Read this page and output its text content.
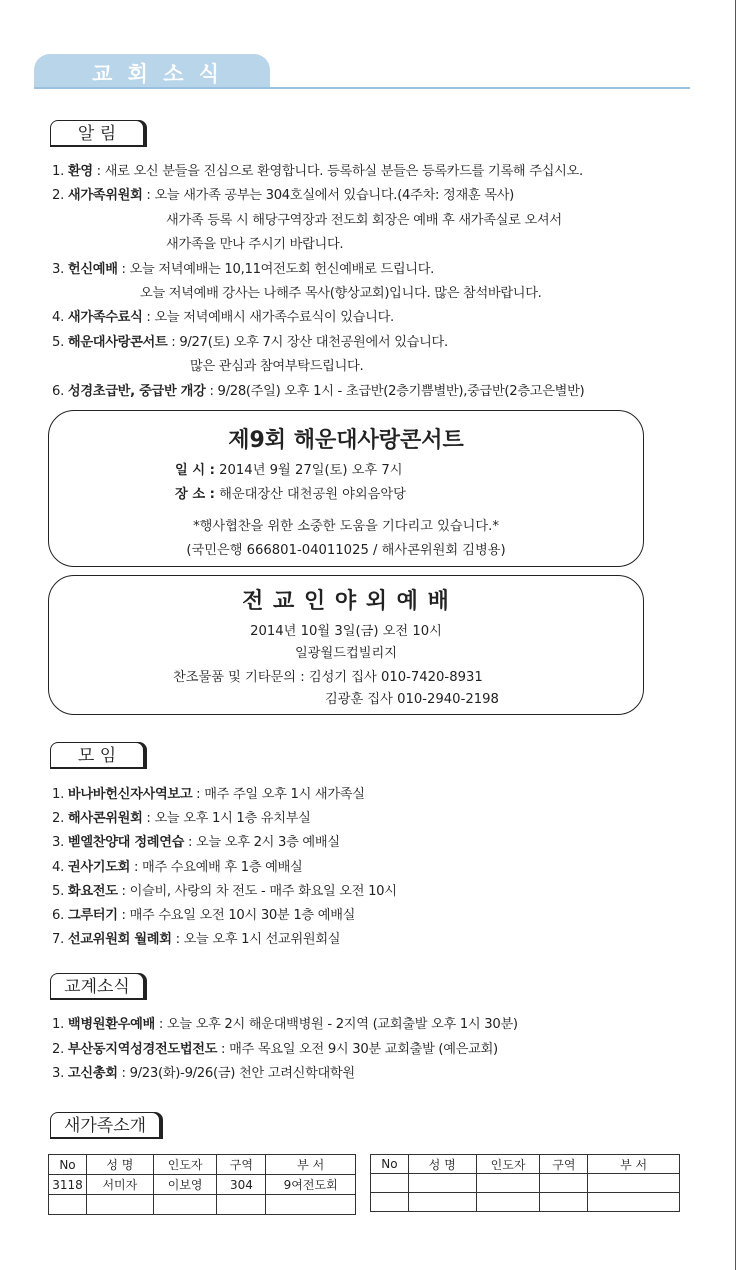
교 회 소 식
알 림
1. 환영 : 새로 오신 분들을 진심으로 환영합니다. 등록하실 분들은 등록카드를 기록해 주십시오.
2. 새가족위원회 : 오늘 새가족 공부는 304호실에서 있습니다.(4주차: 정재훈 목사)
새가족 등록 시 해당구역장과 전도회 회장은 예배 후 새가족실로 오셔서
새가족을 만나 주시기 바랍니다.
3. 헌신예배 : 오늘 저녁예배는 10,11여전도회 헌신예배로 드립니다.
오늘 저녁예배 강사는 나해주 목사(향상교회)입니다. 많은 참석바랍니다.
4. 새가족수료식 : 오늘 저녁예배시 새가족수료식이 있습니다.
5. 해운대사랑콘서트 : 9/27(토) 오후 7시 장산 대천공원에서 있습니다.
많은 관심과 참여부탁드립니다.
6. 성경초급반, 중급반 개강 : 9/28(주일) 오후 1시 - 초급반(2층기쁨별반),중급반(2층고은별반)
제9회 해운대사랑콘서트
일 시 : 2014년 9월 27일(토) 오후 7시
장 소 : 해운대장산 대천공원 야외음악당
*행사협찬을 위한 소중한 도움을 기다리고 있습니다.*
(국민은행 666801-04011025 / 해사콘위원회 김병용)
전 교 인 야 외 예 배
2014년 10월 3일(금) 오전 10시
일광월드컵빌리지
찬조물품 및 기타문의 : 김성기 집사 010-7420-8931
김광훈 집사 010-2940-2198
모 임
1. 바나바헌신자사역보고 : 매주 주일 오후 1시 새가족실
2. 해사콘위원회 : 오늘 오후 1시 1층 유치부실
3. 벧엘찬양대 정례연습 : 오늘 오후 2시 3층 예배실
4. 권사기도회 : 매주 수요예배 후 1층 예배실
5. 화요전도 : 이슬비, 사랑의 차 전도 - 매주 화요일 오전 10시
6. 그루터기 : 매주 수요일 오전 10시 30분 1층 예배실
7. 선교위원회 월례회 : 오늘 오후 1시 선교위원회실
교계소식
1. 백병원환우예배 : 오늘 오후 2시 해운대백병원 - 2지역 (교회출발 오후 1시 30분)
2. 부산동지역성경전도법전도 : 매주 목요일 오전 9시 30분 교회출발 (예은교회)
3. 고신총회 : 9/23(화)-9/26(금) 천안 고려신학대학원
새가족소개
No	성 명	인도자	구역	부 서
3118	서미자	이보영	304	9여전도회

No	성 명	인도자	구역	부 서
